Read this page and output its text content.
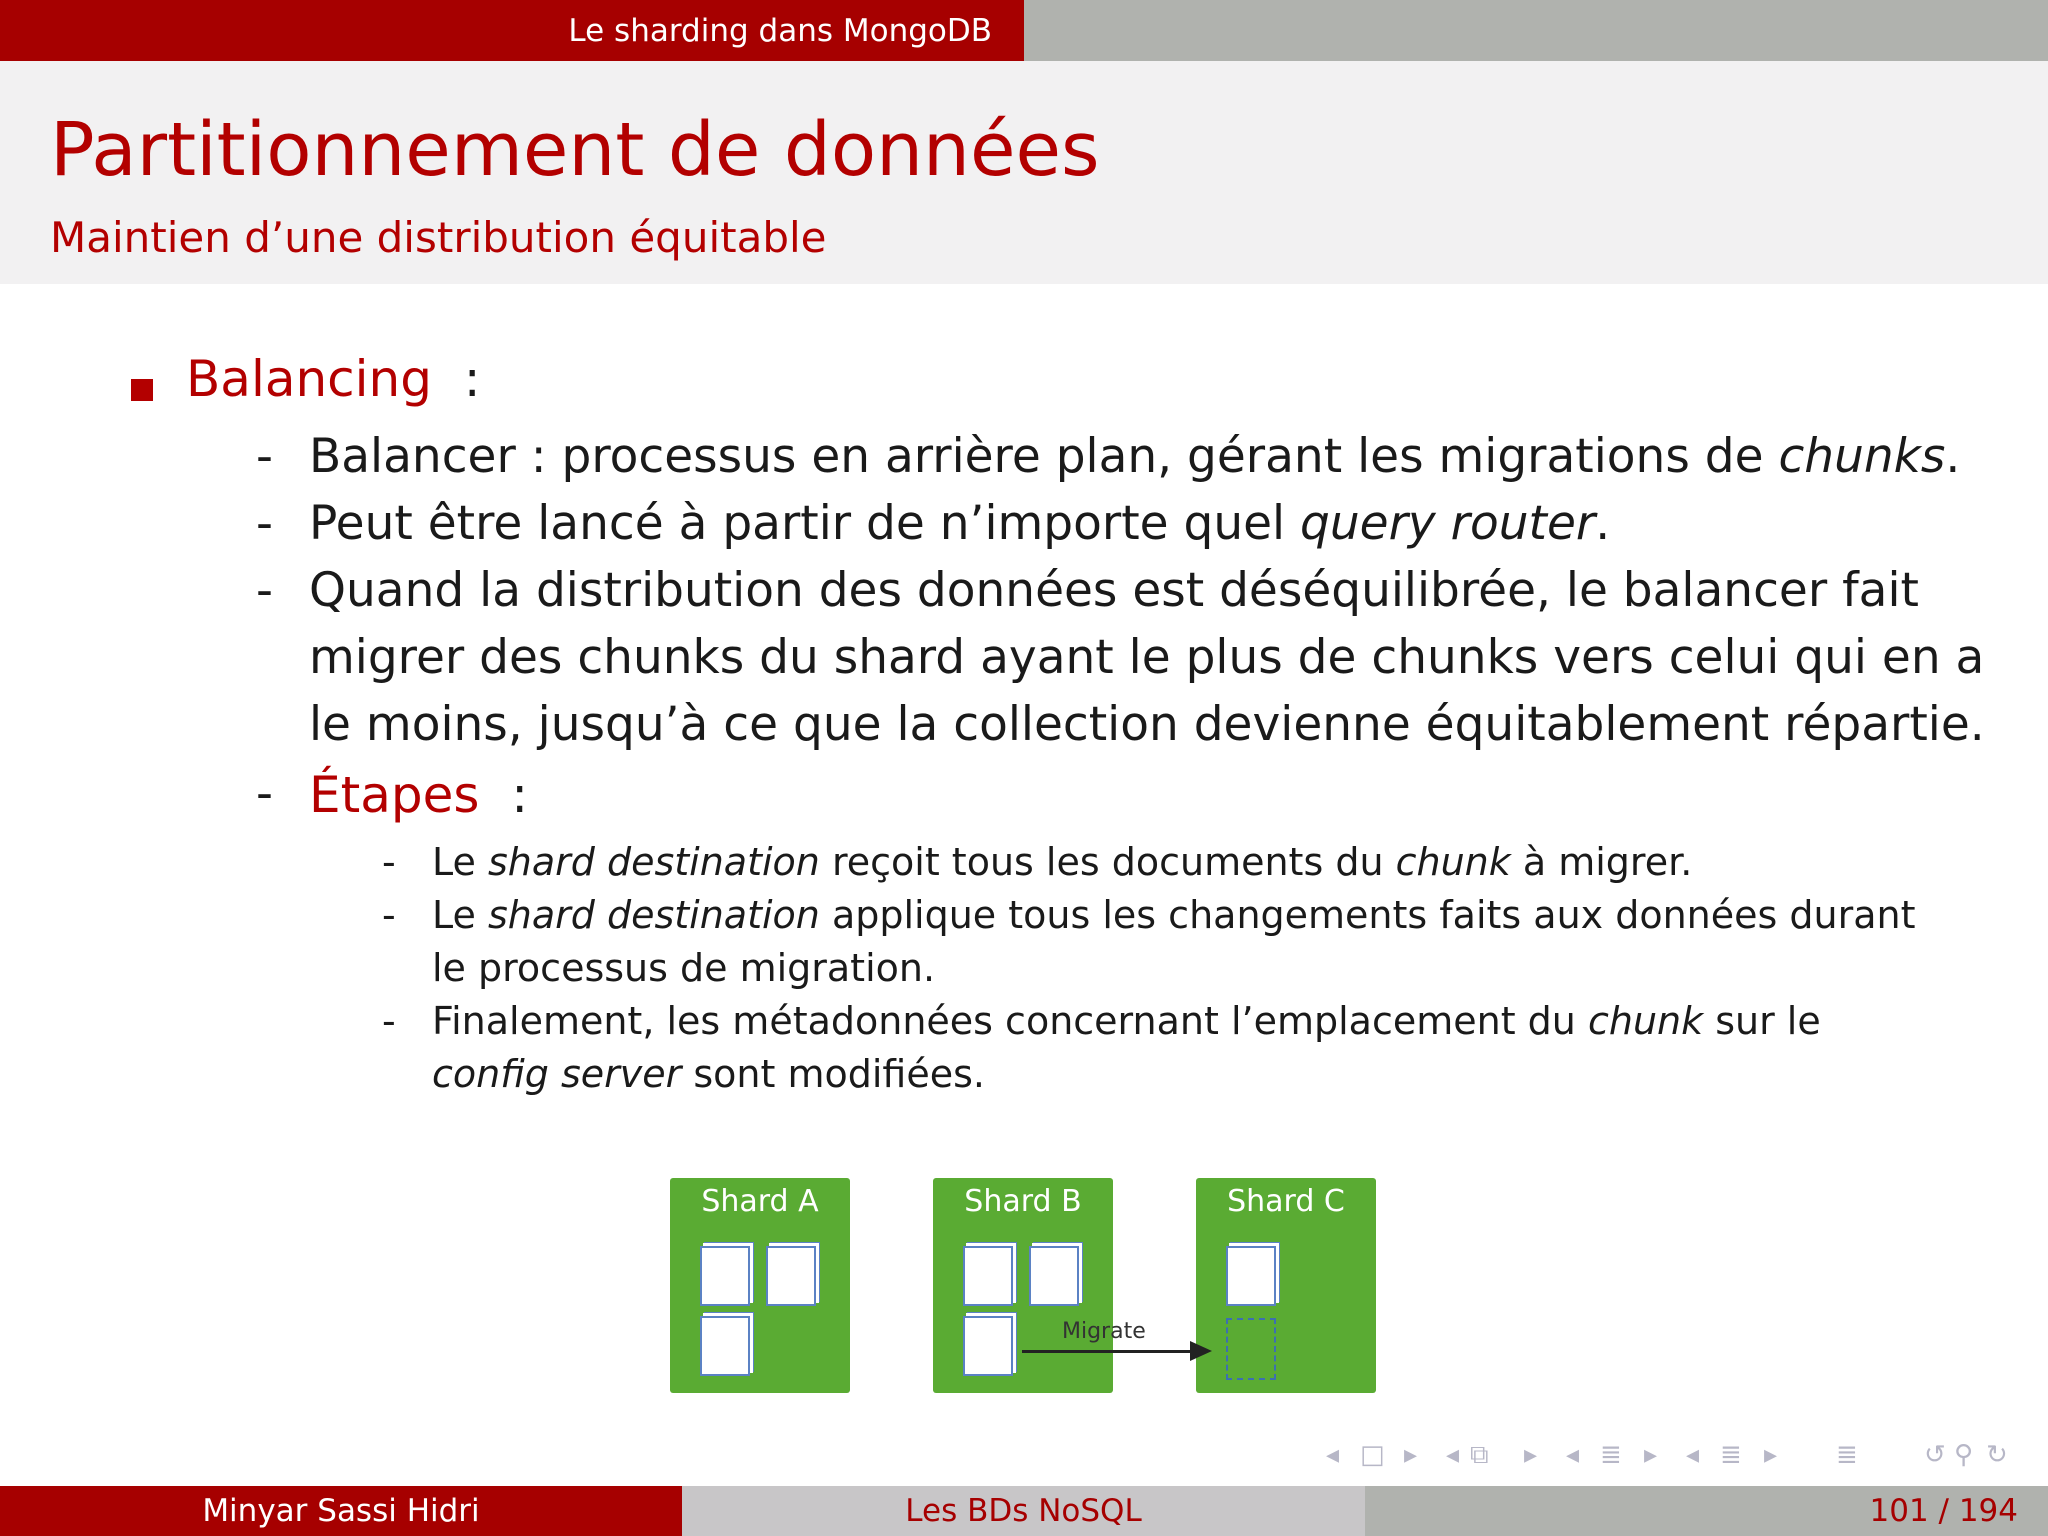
Le sharding dans MongoDB
Partitionnement de données
Maintien d’une distribution équitable
Balancing :
- Balancer : processus en arrière plan, gérant les migrations de chunks.
- Peut être lancé à partir de n’importe quel query router.
- Quand la distribution des données est déséquilibrée, le balancer fait
migrer des chunks du shard ayant le plus de chunks vers celui qui en a
le moins, jusqu’à ce que la collection devienne équitablement répartie.
- Étapes :
- Le shard destination reçoit tous les documents du chunk à migrer.
- Le shard destination applique tous les changements faits aux données durant
le processus de migration.
- Finalement, les métadonnées concernant l’emplacement du chunk sur le
config server sont modifiées.
Shard A	Shard B	Shard C
Migrate
◂ □ ▸ ◂ ⧉ ▸ ◂ ≣ ▸ ◂ ≣ ▸ ≣	↺ ⚲ ↻
Minyar Sassi Hidri	Les BDs NoSQL	101 / 194
